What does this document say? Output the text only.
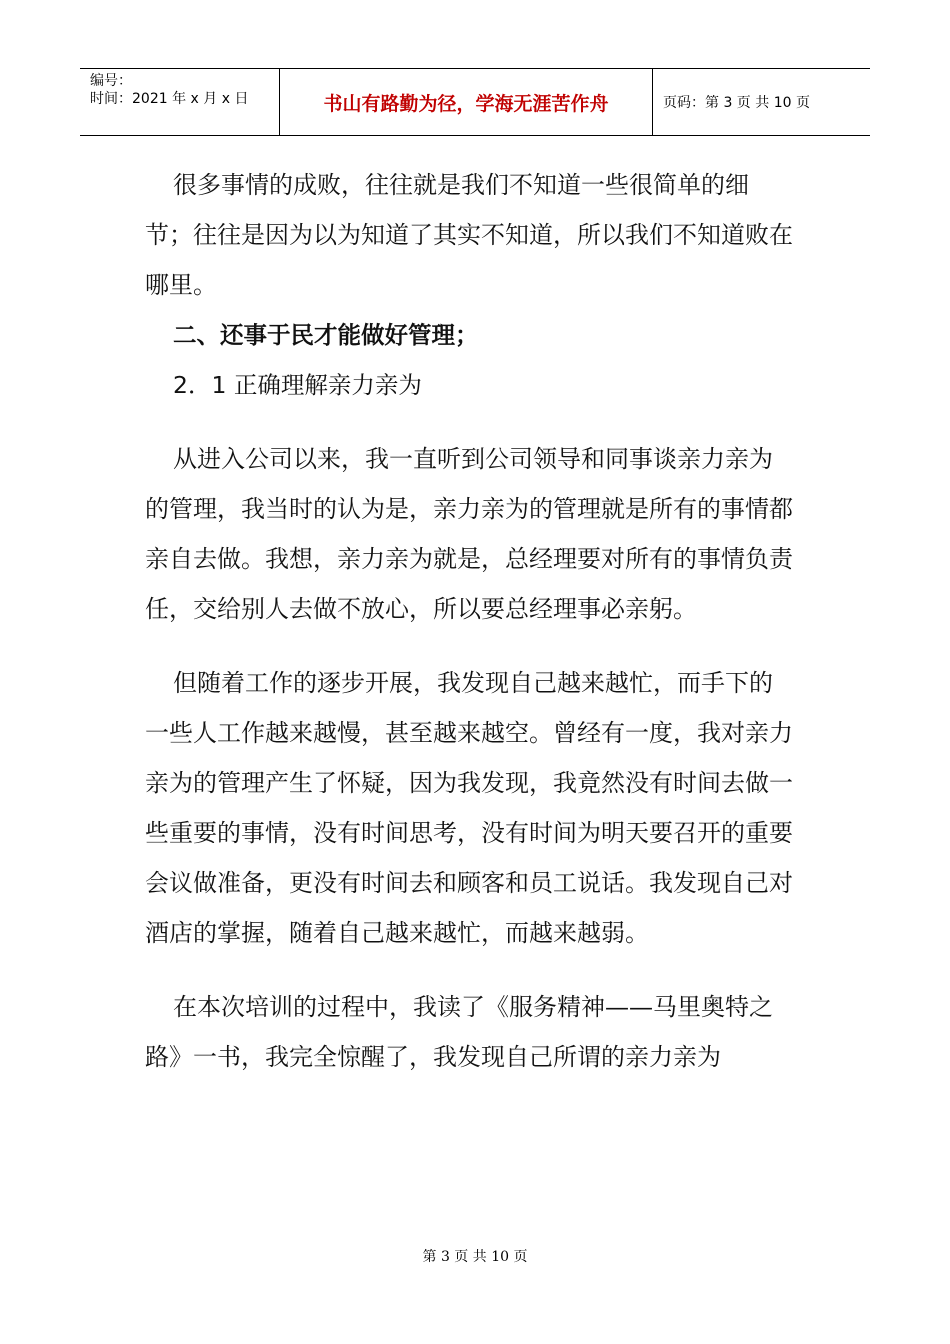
编号：
时间：2021 年 x 月 x 日	书山有路勤为径，学海无涯苦作舟	页码：第 3 页 共 10 页

很多事情的成败，往往就是我们不知道一些很简单的细节；往往是因为以为知道了其实不知道，所以我们不知道败在哪里。

二、还事于民才能做好管理；

2．1 正确理解亲力亲为

从进入公司以来，我一直听到公司领导和同事谈亲力亲为的管理，我当时的认为是，亲力亲为的管理就是所有的事情都亲自去做。我想，亲力亲为就是，总经理要对所有的事情负责任，交给别人去做不放心，所以要总经理事必亲躬。

但随着工作的逐步开展，我发现自己越来越忙，而手下的一些人工作越来越慢，甚至越来越空。曾经有一度，我对亲力亲为的管理产生了怀疑，因为我发现，我竟然没有时间去做一些重要的事情，没有时间思考，没有时间为明天要召开的重要会议做准备，更没有时间去和顾客和员工说话。我发现自己对酒店的掌握，随着自己越来越忙，而越来越弱。

在本次培训的过程中，我读了《服务精神——马里奥特之路》一书，我完全惊醒了，我发现自己所谓的亲力亲为

第 3 页 共 10 页
